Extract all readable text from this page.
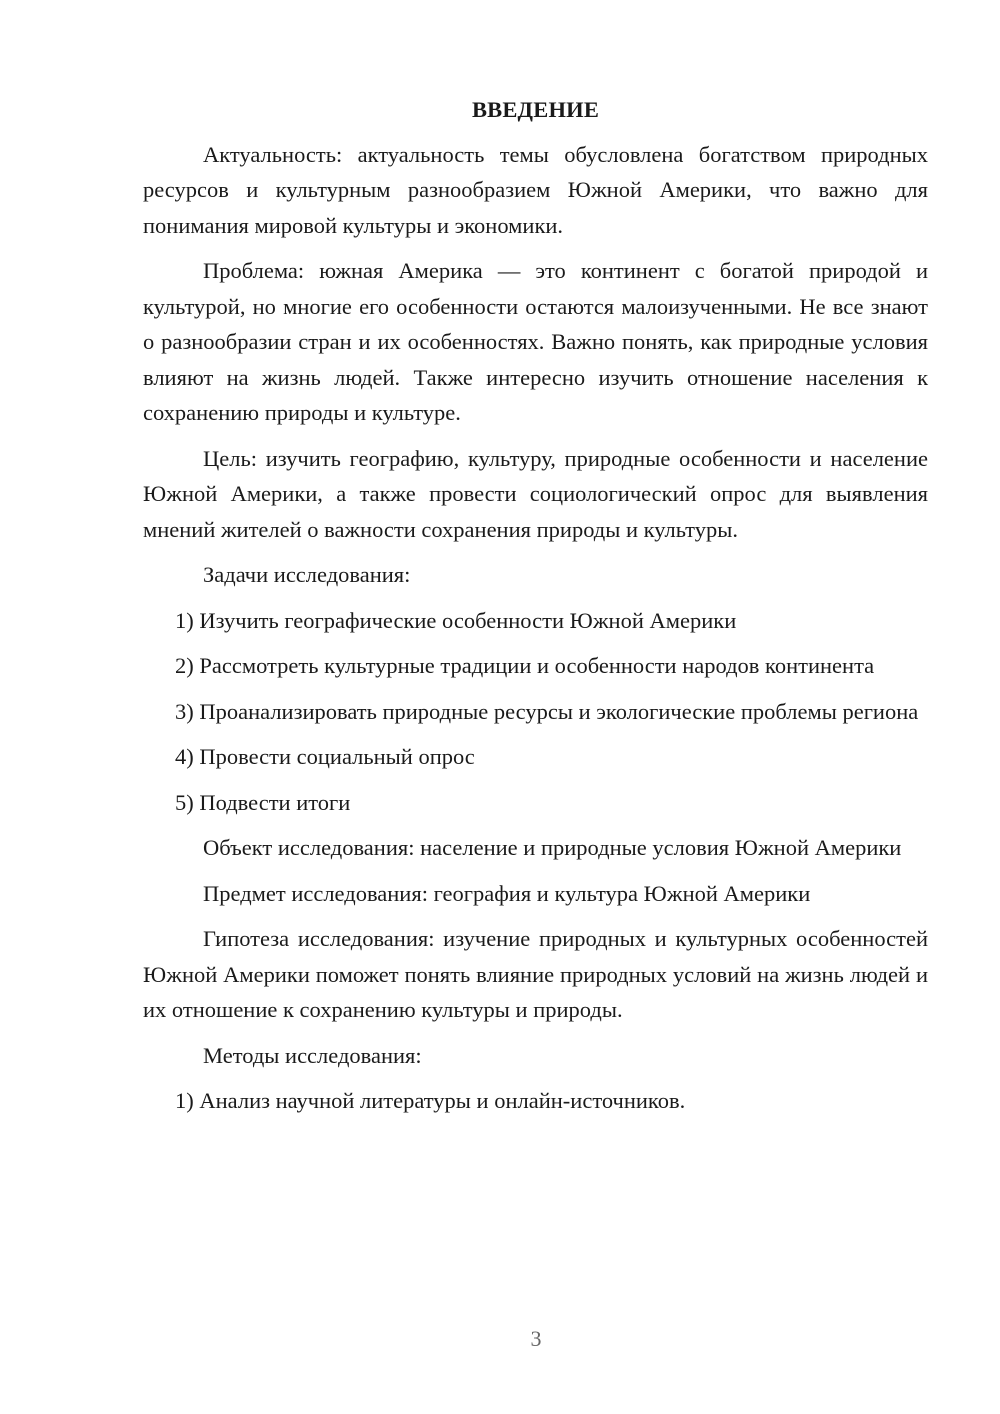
ВВЕДЕНИЕ
Актуальность: актуальность темы обусловлена богатством природных ресурсов и культурным разнообразием Южной Америки, что важно для понимания мировой культуры и экономики.
Проблема: южная Америка — это континент с богатой природой и культурой, но многие его особенности остаются малоизученными. Не все знают о разнообразии стран и их особенностях. Важно понять, как природные условия влияют на жизнь людей. Также интересно изучить отношение населения к сохранению природы и культуре.
Цель: изучить географию, культуру, природные особенности и население Южной Америки, а также провести социологический опрос для выявления мнений жителей о важности сохранения природы и культуры.
Задачи исследования:
1) Изучить географические особенности Южной Америки
2) Рассмотреть культурные традиции и особенности народов континента
3) Проанализировать природные ресурсы и экологические проблемы региона
4) Провести социальный опрос
5) Подвести итоги
Объект исследования: население и природные условия Южной Америки
Предмет исследования: география и культура Южной Америки
Гипотеза исследования: изучение природных и культурных особенностей Южной Америки поможет понять влияние природных условий на жизнь людей и их отношение к сохранению культуры и природы.
Методы исследования:
1) Анализ научной литературы и онлайн-источников.
3
